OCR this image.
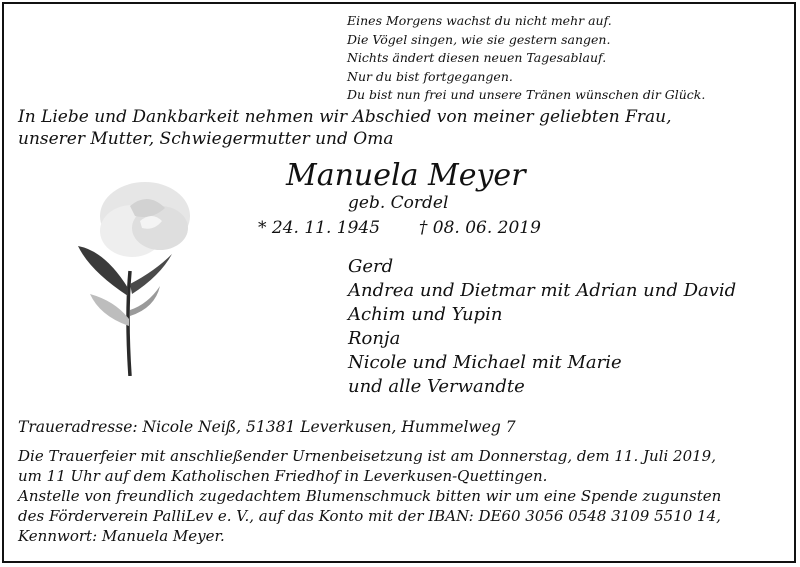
Eines Morgens wachst du nicht mehr auf.
Die Vögel singen, wie sie gestern sangen.
Nichts ändert diesen neuen Tagesablauf.
Nur du bist fortgegangen.
Du bist nun frei und unsere Tränen wünschen dir Glück.
In Liebe und Dankbarkeit nehmen wir Abschied von meiner geliebten Frau,
unserer Mutter, Schwiegermutter und Oma
Manuela Meyer
geb. Cordel
* 24. 11. 1945 † 08. 06. 2019
Gerd
Andrea und Dietmar mit Adrian und David
Achim und Yupin
Ronja
Nicole und Michael mit Marie
und alle Verwandte
Traueradresse: Nicole Neiß, 51381 Leverkusen, Hummelweg 7
Die Trauerfeier mit anschließender Urnenbeisetzung ist am Donnerstag, dem 11. Juli 2019,
um 11 Uhr auf dem Katholischen Friedhof in Leverkusen-Quettingen.
Anstelle von freundlich zugedachtem Blumenschmuck bitten wir um eine Spende zugunsten
des Förderverein PalliLev e. V., auf das Konto mit der IBAN: DE60 3056 0548 3109 5510 14,
Kennwort: Manuela Meyer.
